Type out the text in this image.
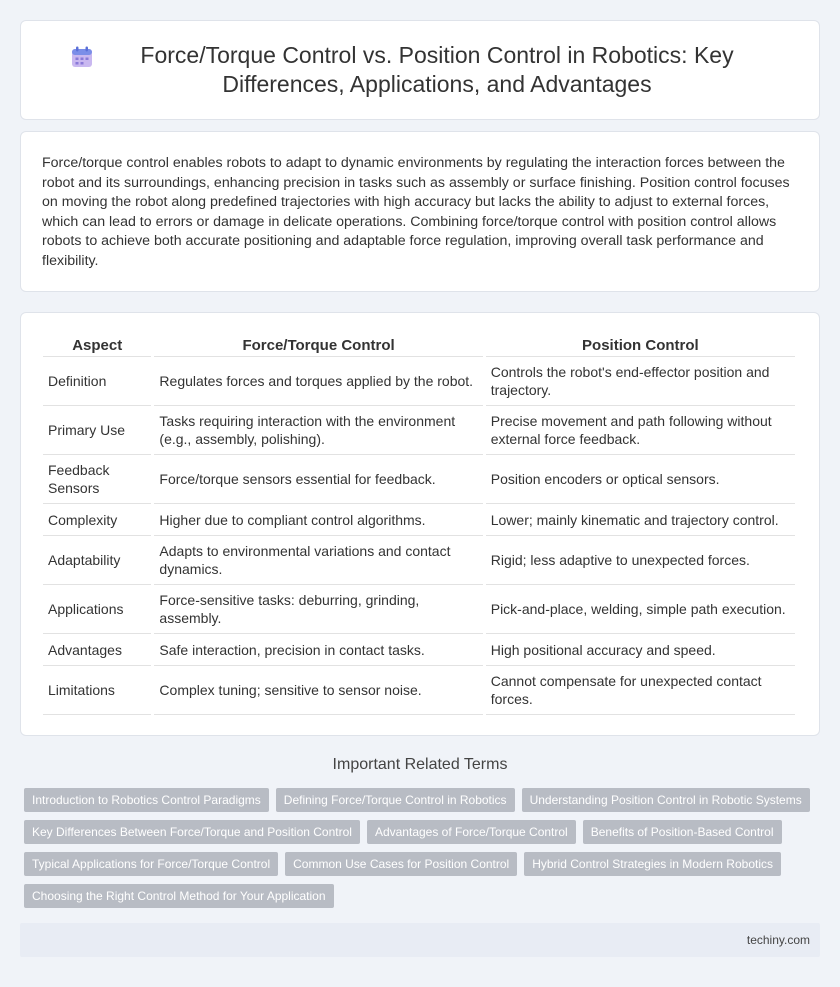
Force/Torque Control vs. Position Control in Robotics: Key Differences, Applications, and Advantages

Force/torque control enables robots to adapt to dynamic environments by regulating the interaction forces between the robot and its surroundings, enhancing precision in tasks such as assembly or surface finishing. Position control focuses on moving the robot along predefined trajectories with high accuracy but lacks the ability to adjust to external forces, which can lead to errors or damage in delicate operations. Combining force/torque control with position control allows robots to achieve both accurate positioning and adaptable force regulation, improving overall task performance and flexibility.

Aspect	Force/Torque Control	Position Control
Definition	Regulates forces and torques applied by the robot.	Controls the robot's end-effector position and trajectory.
Primary Use	Tasks requiring interaction with the environment (e.g., assembly, polishing).	Precise movement and path following without external force feedback.
Feedback Sensors	Force/torque sensors essential for feedback.	Position encoders or optical sensors.
Complexity	Higher due to compliant control algorithms.	Lower; mainly kinematic and trajectory control.
Adaptability	Adapts to environmental variations and contact dynamics.	Rigid; less adaptive to unexpected forces.
Applications	Force-sensitive tasks: deburring, grinding, assembly.	Pick-and-place, welding, simple path execution.
Advantages	Safe interaction, precision in contact tasks.	High positional accuracy and speed.
Limitations	Complex tuning; sensitive to sensor noise.	Cannot compensate for unexpected contact forces.
Important Related Terms
Introduction to Robotics Control Paradigms	Defining Force/Torque Control in Robotics	Understanding Position Control in Robotic Systems
Key Differences Between Force/Torque and Position Control	Advantages of Force/Torque Control	Benefits of Position-Based Control
Typical Applications for Force/Torque Control	Common Use Cases for Position Control	Hybrid Control Strategies in Modern Robotics
Choosing the Right Control Method for Your Application
techiny.com
